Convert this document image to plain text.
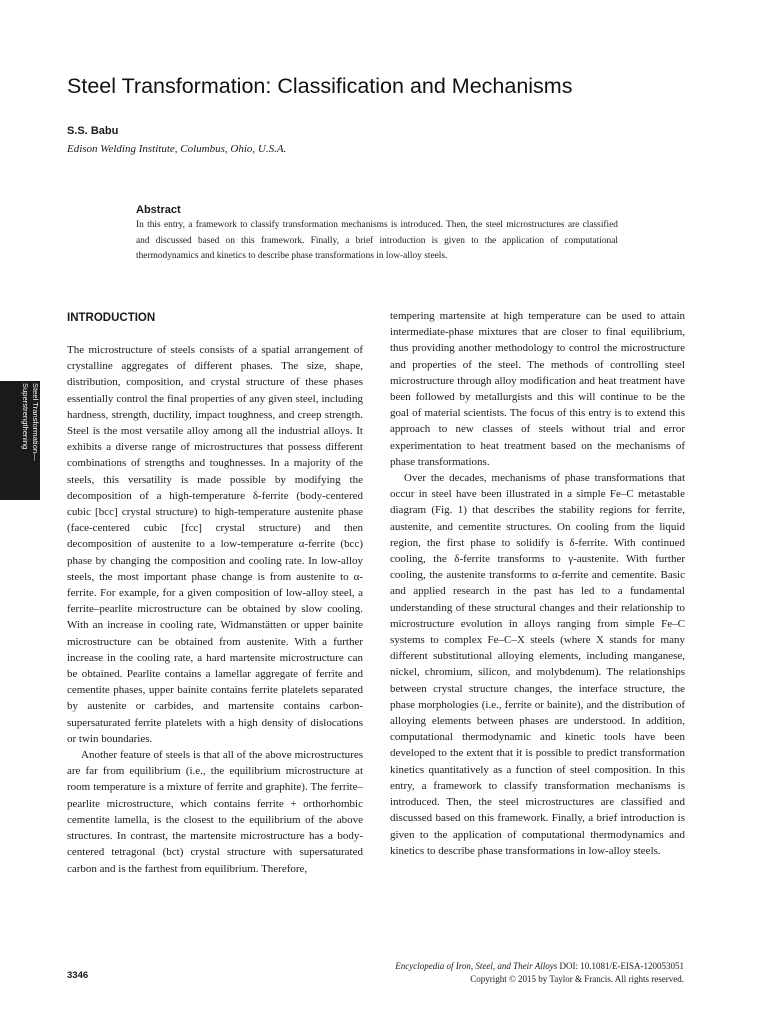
Steel Transformation: Classification and Mechanisms
S.S. Babu
Edison Welding Institute, Columbus, Ohio, U.S.A.
Abstract
In this entry, a framework to classify transformation mechanisms is introduced. Then, the steel microstructures are classified and discussed based on this framework. Finally, a brief introduction is given to the application of computational thermodynamics and kinetics to describe phase transformations in low-alloy steels.
Steel Transformation—
Superstrengthening
INTRODUCTION

The microstructure of steels consists of a spatial arrangement of crystalline aggregates of different phases. The size, shape, distribution, composition, and crystal structure of these phases essentially control the final properties of any given steel, including hardness, strength, ductility, impact toughness, and creep strength. Steel is the most versatile alloy among all the industrial alloys. It exhibits a diverse range of microstructures that possess different combinations of strengths and toughnesses. In a majority of the steels, this versatility is made possible by modifying the decomposition of a high-temperature δ-ferrite (body-centered cubic [bcc] crystal structure) to high-temperature austenite phase (face-centered cubic [fcc] crystal structure) and then decomposition of austenite to a low-temperature α-ferrite (bcc) phase by changing the composition and cooling rate. In low-alloy steels, the most important phase change is from austenite to α-ferrite. For example, for a given composition of low-alloy steel, a ferrite–pearlite microstructure can be obtained by slow cooling. With an increase in cooling rate, Widmanstätten or upper bainite microstructure can be obtained from austenite. With a further increase in the cooling rate, a hard martensite microstructure can be obtained. Pearlite contains a lamellar aggregate of ferrite and cementite phases, upper bainite contains ferrite platelets separated by austenite or carbides, and martensite contains carbon-supersaturated ferrite platelets with a high density of dislocations or twin boundaries.

Another feature of steels is that all of the above microstructures are far from equilibrium (i.e., the equilibrium microstructure at room temperature is a mixture of ferrite and graphite). The ferrite–pearlite microstructure, which contains ferrite + orthorhombic cementite lamella, is the closest to the equilibrium of the above structures. In contrast, the martensite microstructure has a body-centered tetragonal (bct) crystal structure with supersaturated carbon and is the farthest from equilibrium. Therefore,

tempering martensite at high temperature can be used to attain intermediate-phase mixtures that are closer to final equilibrium, thus providing another methodology to control the microstructure and properties of the steel. The methods of controlling steel microstructure through alloy modification and heat treatment have been followed by metallurgists and this will continue to be the goal of material scientists. The focus of this entry is to extend this approach to new classes of steels without trial and error experimentation to heat treatment based on the mechanisms of phase transformations.

Over the decades, mechanisms of phase transformations that occur in steel have been illustrated in a simple Fe–C metastable diagram (Fig. 1) that describes the stability regions for ferrite, austenite, and cementite structures. On cooling from the liquid region, the first phase to solidify is δ-ferrite. With continued cooling, the δ-ferrite transforms to γ-austenite. With further cooling, the austenite transforms to α-ferrite and cementite. Basic and applied research in the past has led to a fundamental understanding of these structural changes and their relationship to microstructure evolution in alloys ranging from simple Fe–C systems to complex Fe–C–X steels (where X stands for many different substitutional alloying elements, including manganese, nickel, chromium, silicon, and molybdenum). The relationships between crystal structure changes, the interface structure, the phase morphologies (i.e., ferrite or bainite), and the distribution of alloying elements between phases are understood. In addition, computational thermodynamic and kinetic tools have been developed to the extent that it is possible to predict transformation kinetics quantitatively as a function of steel composition. In this entry, a framework to classify transformation mechanisms is introduced. Then, the steel microstructures are classified and discussed based on this framework. Finally, a brief introduction is given to the application of computational thermodynamics and kinetics to describe phase transformations in low-alloy steels.

Encyclopedia of Iron, Steel, and Their Alloys DOI: 10.1081/E-EISA-120053051
Copyright © 2015 by Taylor & Francis. All rights reserved.
3346
